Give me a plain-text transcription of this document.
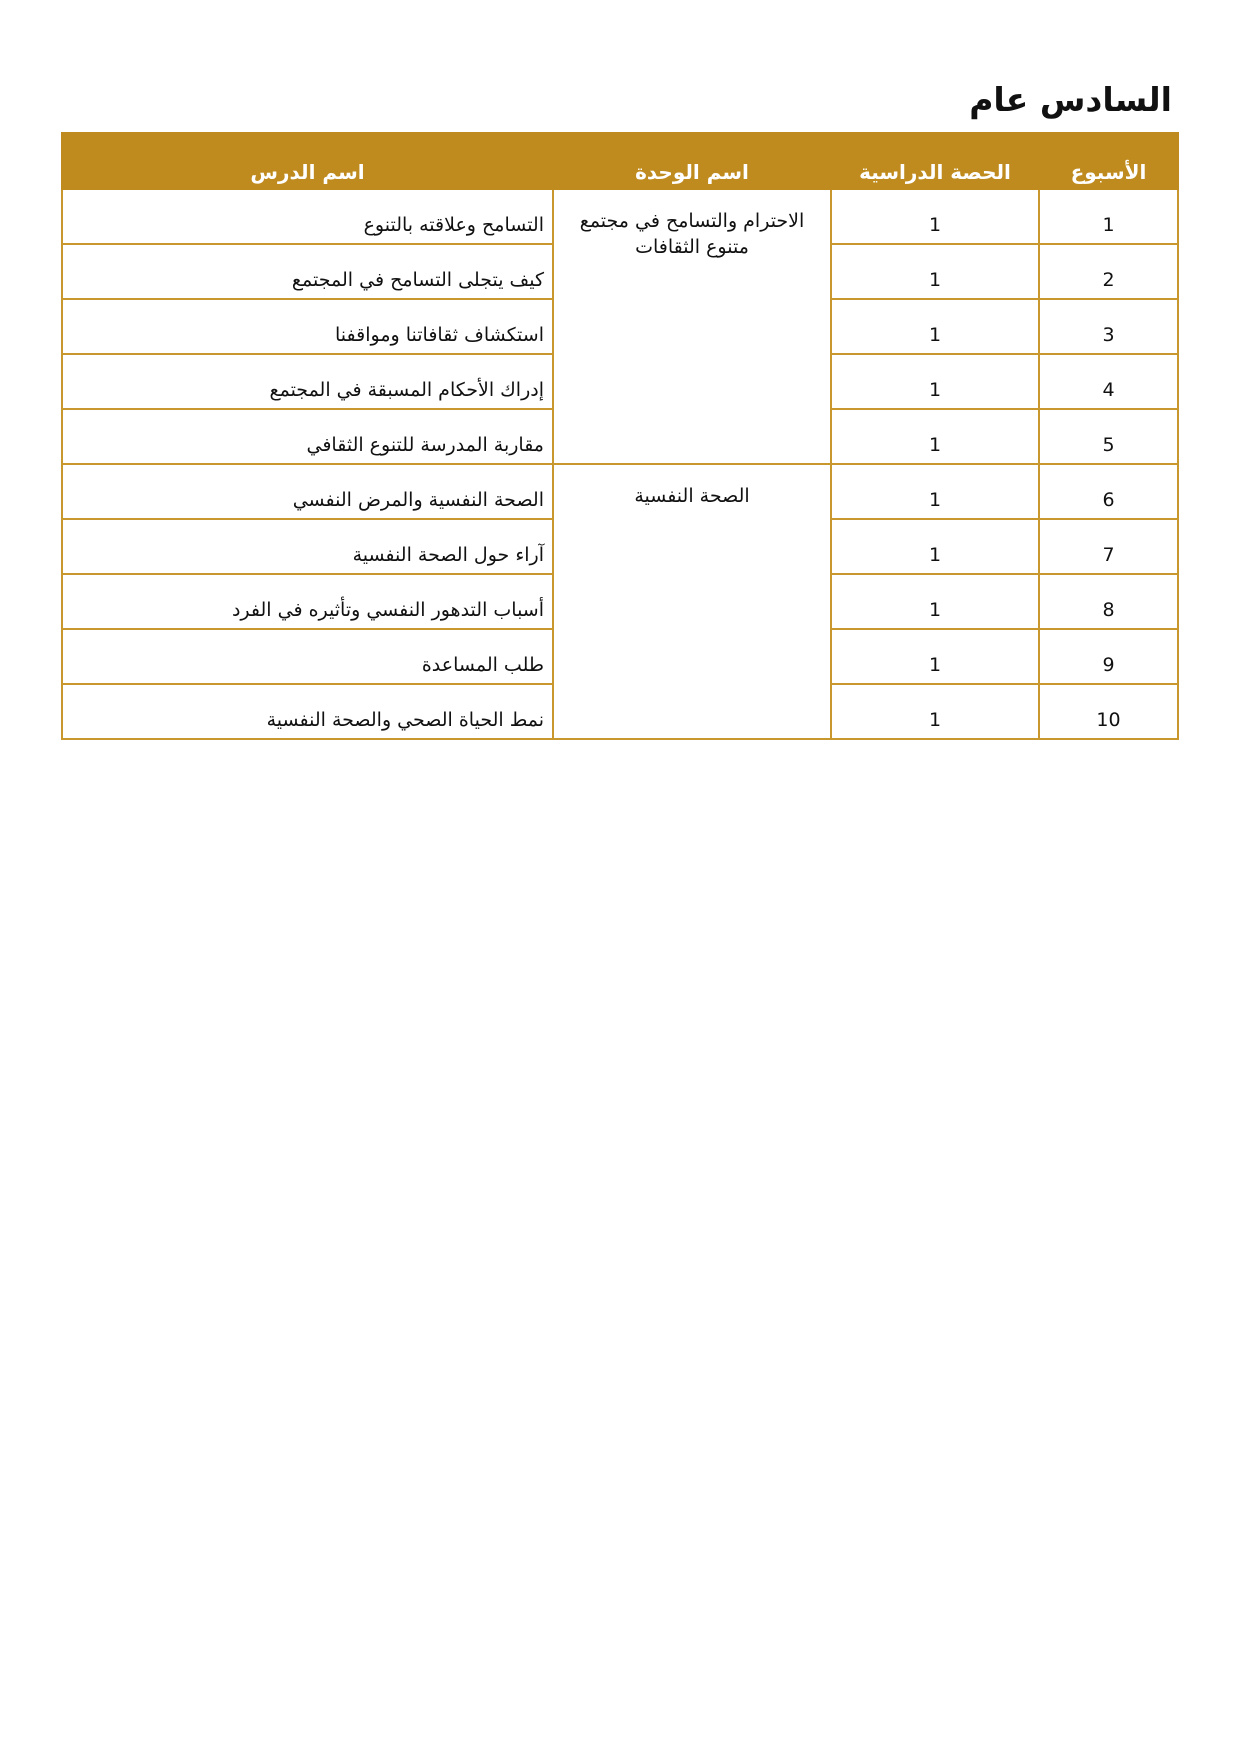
السادس عام
الأسبوع	الحصة الدراسية	اسم الوحدة	اسم الدرس
1	1	الاحترام والتسامح في مجتمع متنوع الثقافات	التسامح وعلاقته بالتنوع
2	1		كيف يتجلى التسامح في المجتمع
3	1		استكشاف ثقافاتنا ومواقفنا
4	1		إدراك الأحكام المسبقة في المجتمع
5	1		مقاربة المدرسة للتنوع الثقافي
6	1	الصحة النفسية	الصحة النفسية والمرض النفسي
7	1		آراء حول الصحة النفسية
8	1		أسباب التدهور النفسي وتأثيره في الفرد
9	1		طلب المساعدة
10	1		نمط الحياة الصحي والصحة النفسية
